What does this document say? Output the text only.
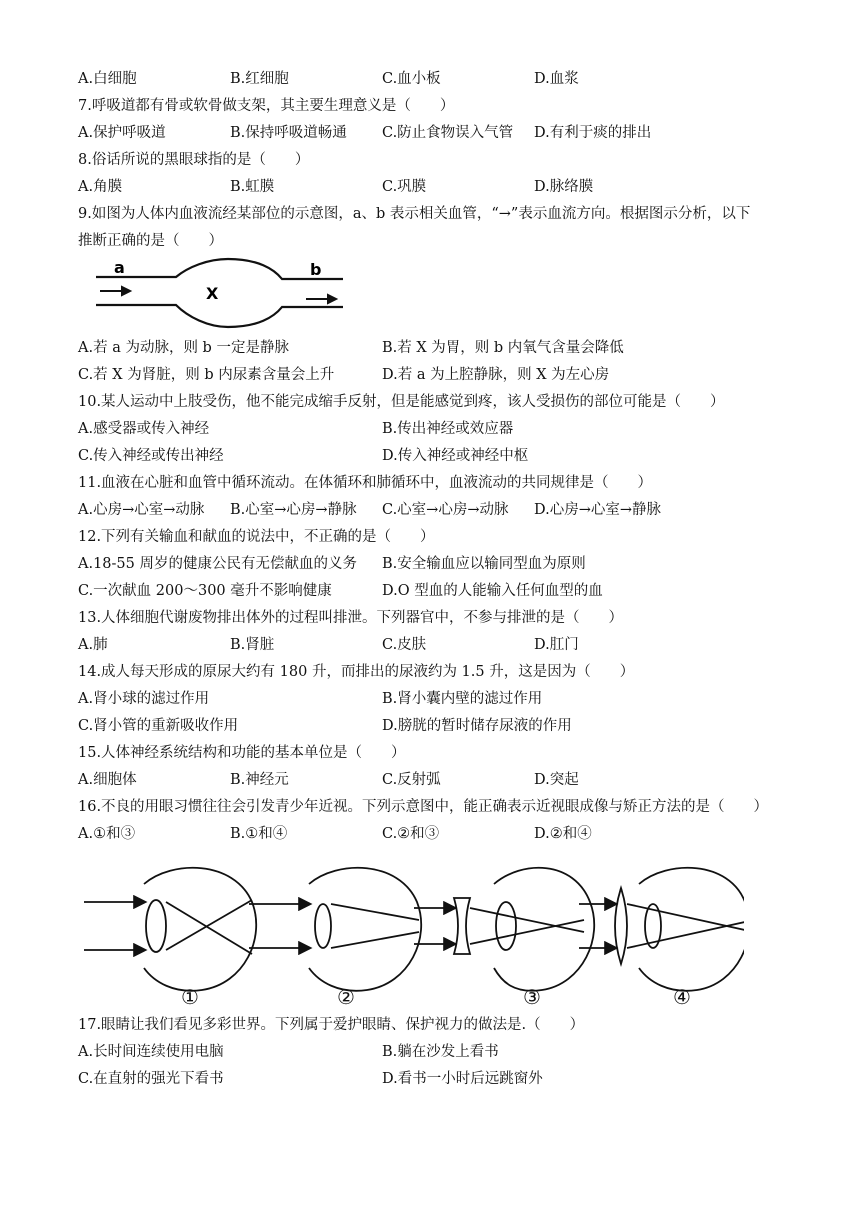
A.白细胞	B.红细胞	C.血小板	D.血浆
7.呼吸道都有骨或软骨做支架，其主要生理意义是（　　）
A.保护呼吸道	B.保持呼吸道畅通 C.防止食物误入气管 D.有利于痰的排出
8.俗话所说的黑眼球指的是（　　）
A.角膜	B.虹膜	C.巩膜	D.脉络膜
9.如图为人体内血液流经某部位的示意图，a、b 表示相关血管，“→”表示血流方向。根据图示分析，以下
推断正确的是（　　）
a
X
b
A.若 a 为动脉，则 b 一定是静脉	B.若 X 为胃，则 b 内氧气含量会降低
C.若 X 为肾脏，则 b 内尿素含量会上升	D.若 a 为上腔静脉，则 X 为左心房
10.某人运动中上肢受伤，他不能完成缩手反射，但是能感觉到疼，该人受损伤的部位可能是（　　）
A.感受器或传入神经	B.传出神经或效应器
C.传入神经或传出神经	D.传入神经或神经中枢
11.血液在心脏和血管中循环流动。在体循环和肺循环中，血液流动的共同规律是（　　）
A.心房→心室→动脉 B.心室→心房→静脉 C.心室→心房→动脉 D.心房→心室→静脉
12.下列有关输血和献血的说法中，不正确的是（　　）
A.18-55 周岁的健康公民有无偿献血的义务 B.安全输血应以输同型血为原则
C.一次献血 200～300 毫升不影响健康	D.O 型血的人能输入任何血型的血
13.人体细胞代谢废物排出体外的过程叫排泄。下列器官中，不参与排泄的是（　　）
A.肺	B.肾脏	C.皮肤	D.肛门
14.成人每天形成的原尿大约有 180 升，而排出的尿液约为 1.5 升，这是因为（　　）
A.肾小球的滤过作用	B.肾小囊内壁的滤过作用
C.肾小管的重新吸收作用	D.膀胱的暂时储存尿液的作用
15.人体神经系统结构和功能的基本单位是（　　）
A.细胞体	B.神经元	C.反射弧	D.突起
16.不良的用眼习惯往往会引发青少年近视。下列示意图中，能正确表示近视眼成像与矫正方法的是（　　）
A.①和③	B.①和④	C.②和③	D.②和④
①	②	③	④
17.眼睛让我们看见多彩世界。下列属于爱护眼睛、保护视力的做法是.（　　）
A.长时间连续使用电脑	B.躺在沙发上看书
C.在直射的强光下看书	D.看书一小时后远跳窗外
